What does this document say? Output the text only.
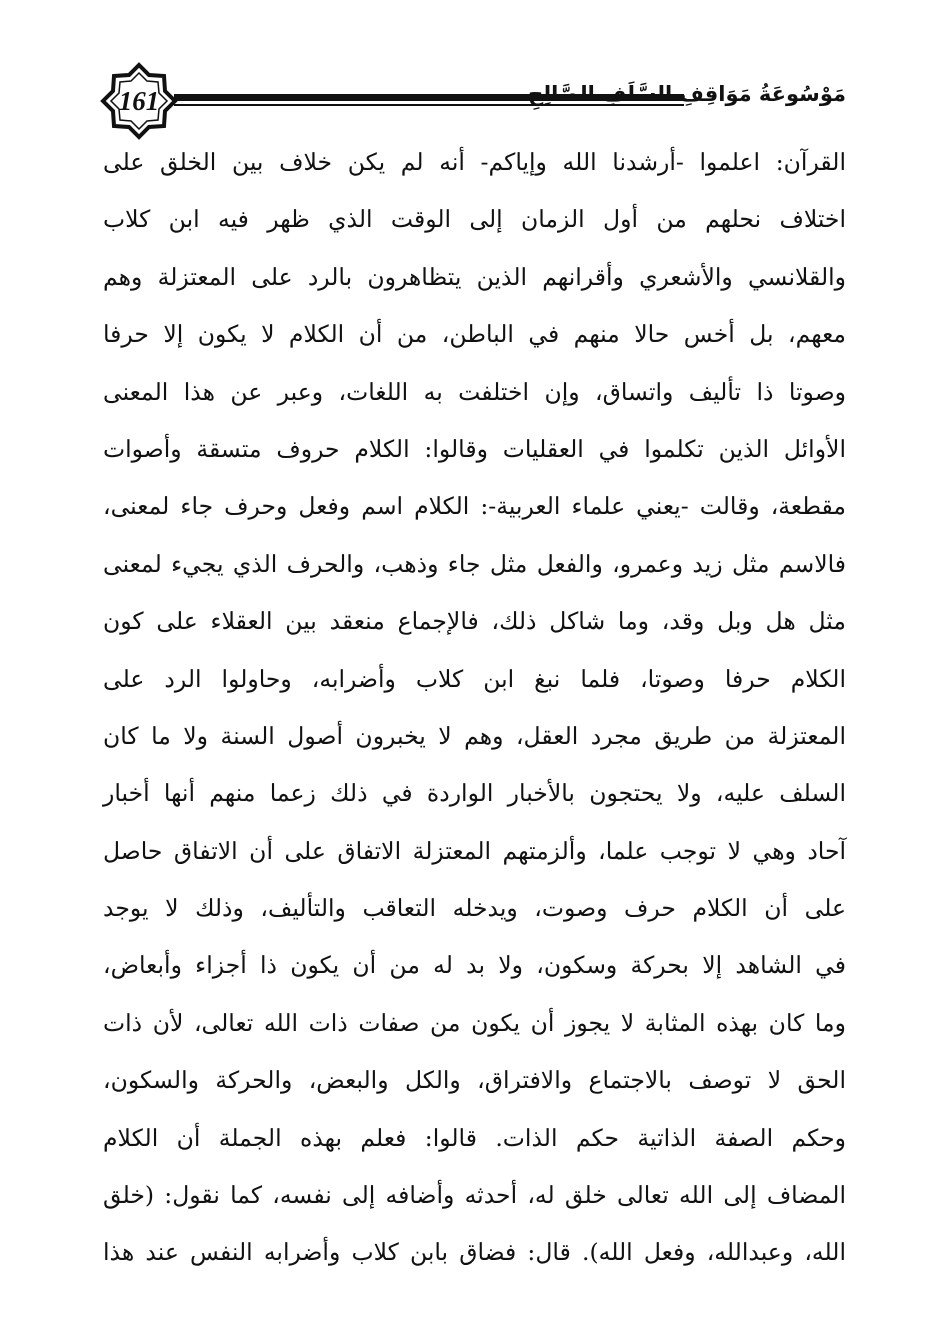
161	مَوْسُوعَةُ مَوَاقِفِ السَّلَفِ الصَّالِحِ
القرآن: اعلموا -أرشدنا الله وإياكم- أنه لم يكن خلاف بين الخلق على
اختلاف نحلهم من أول الزمان إلى الوقت الذي ظهر فيه ابن كلاب
والقلانسي والأشعري وأقرانهم الذين يتظاهرون بالرد على المعتزلة وهم
معهم، بل أخس حالا منهم في الباطن، من أن الكلام لا يكون إلا حرفا
وصوتا ذا تأليف واتساق، وإن اختلفت به اللغات، وعبر عن هذا المعنى
الأوائل الذين تكلموا في العقليات وقالوا: الكلام حروف متسقة وأصوات
مقطعة، وقالت -يعني علماء العربية-: الكلام اسم وفعل وحرف جاء لمعنى،
فالاسم مثل زيد وعمرو، والفعل مثل جاء وذهب، والحرف الذي يجيء لمعنى
مثل هل وبل وقد، وما شاكل ذلك، فالإجماع منعقد بين العقلاء على كون
الكلام حرفا وصوتا، فلما نبغ ابن كلاب وأضرابه، وحاولوا الرد على
المعتزلة من طريق مجرد العقل، وهم لا يخبرون أصول السنة ولا ما كان
السلف عليه، ولا يحتجون بالأخبار الواردة في ذلك زعما منهم أنها أخبار
آحاد وهي لا توجب علما، وألزمتهم المعتزلة الاتفاق على أن الاتفاق حاصل
على أن الكلام حرف وصوت، ويدخله التعاقب والتأليف، وذلك لا يوجد
في الشاهد إلا بحركة وسكون، ولا بد له من أن يكون ذا أجزاء وأبعاض،
وما كان بهذه المثابة لا يجوز أن يكون من صفات ذات الله تعالى، لأن ذات
الحق لا توصف بالاجتماع والافتراق، والكل والبعض، والحركة والسكون،
وحكم الصفة الذاتية حكم الذات. قالوا: فعلم بهذه الجملة أن الكلام
المضاف إلى الله تعالى خلق له، أحدثه وأضافه إلى نفسه، كما نقول: (خلق
الله، وعبدالله، وفعل الله). قال: فضاق بابن كلاب وأضرابه النفس عند هذا
